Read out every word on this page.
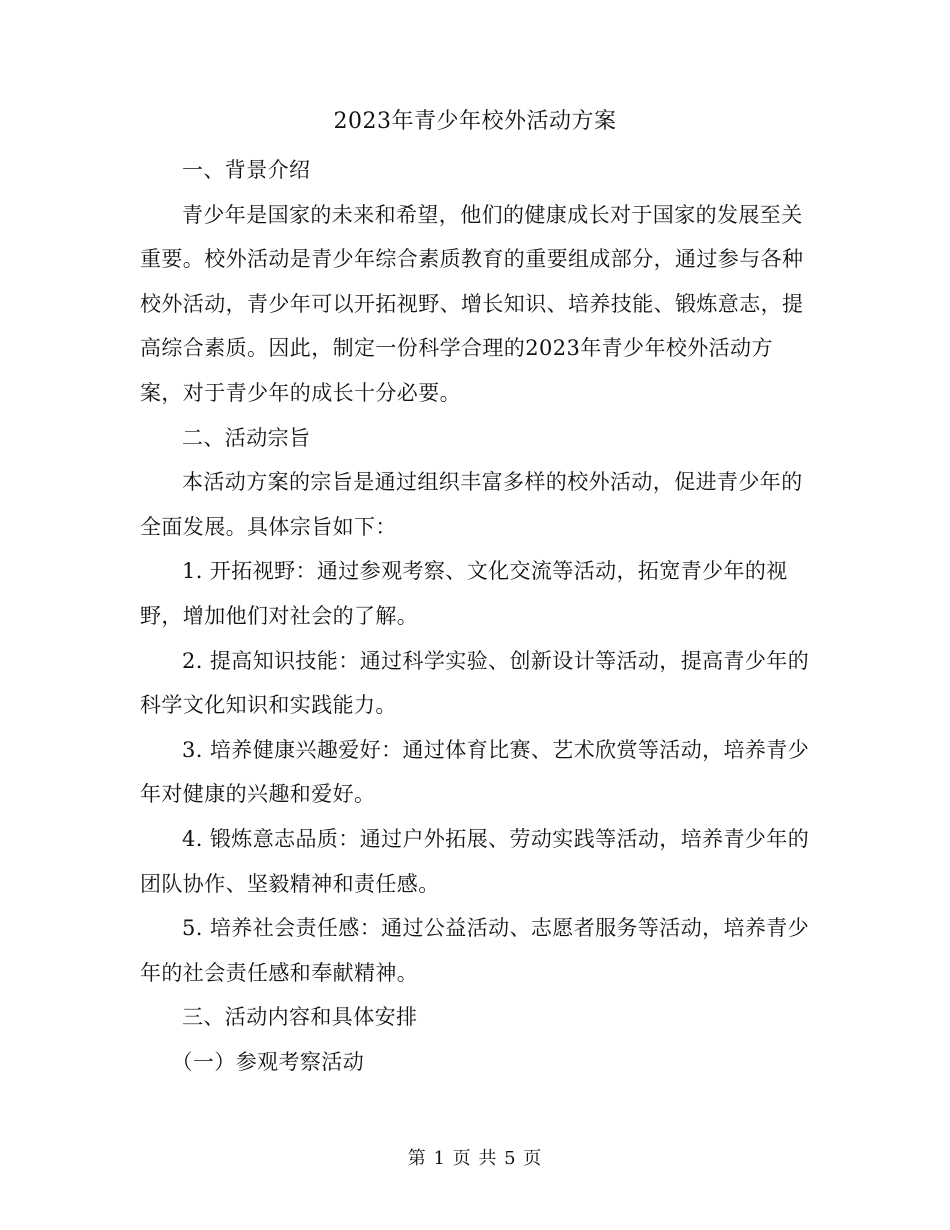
2023年青少年校外活动方案

一、背景介绍

青少年是国家的未来和希望，他们的健康成长对于国家的发展至关重要。校外活动是青少年综合素质教育的重要组成部分，通过参与各种校外活动，青少年可以开拓视野、增长知识、培养技能、锻炼意志，提高综合素质。因此，制定一份科学合理的2023年青少年校外活动方案，对于青少年的成长十分必要。

二、活动宗旨

本活动方案的宗旨是通过组织丰富多样的校外活动，促进青少年的全面发展。具体宗旨如下：

1. 开拓视野：通过参观考察、文化交流等活动，拓宽青少年的视野，增加他们对社会的了解。

2. 提高知识技能：通过科学实验、创新设计等活动，提高青少年的科学文化知识和实践能力。

3. 培养健康兴趣爱好：通过体育比赛、艺术欣赏等活动，培养青少年对健康的兴趣和爱好。

4. 锻炼意志品质：通过户外拓展、劳动实践等活动，培养青少年的团队协作、坚毅精神和责任感。

5. 培养社会责任感：通过公益活动、志愿者服务等活动，培养青少年的社会责任感和奉献精神。

三、活动内容和具体安排

（一）参观考察活动

第 1 页 共 5 页
